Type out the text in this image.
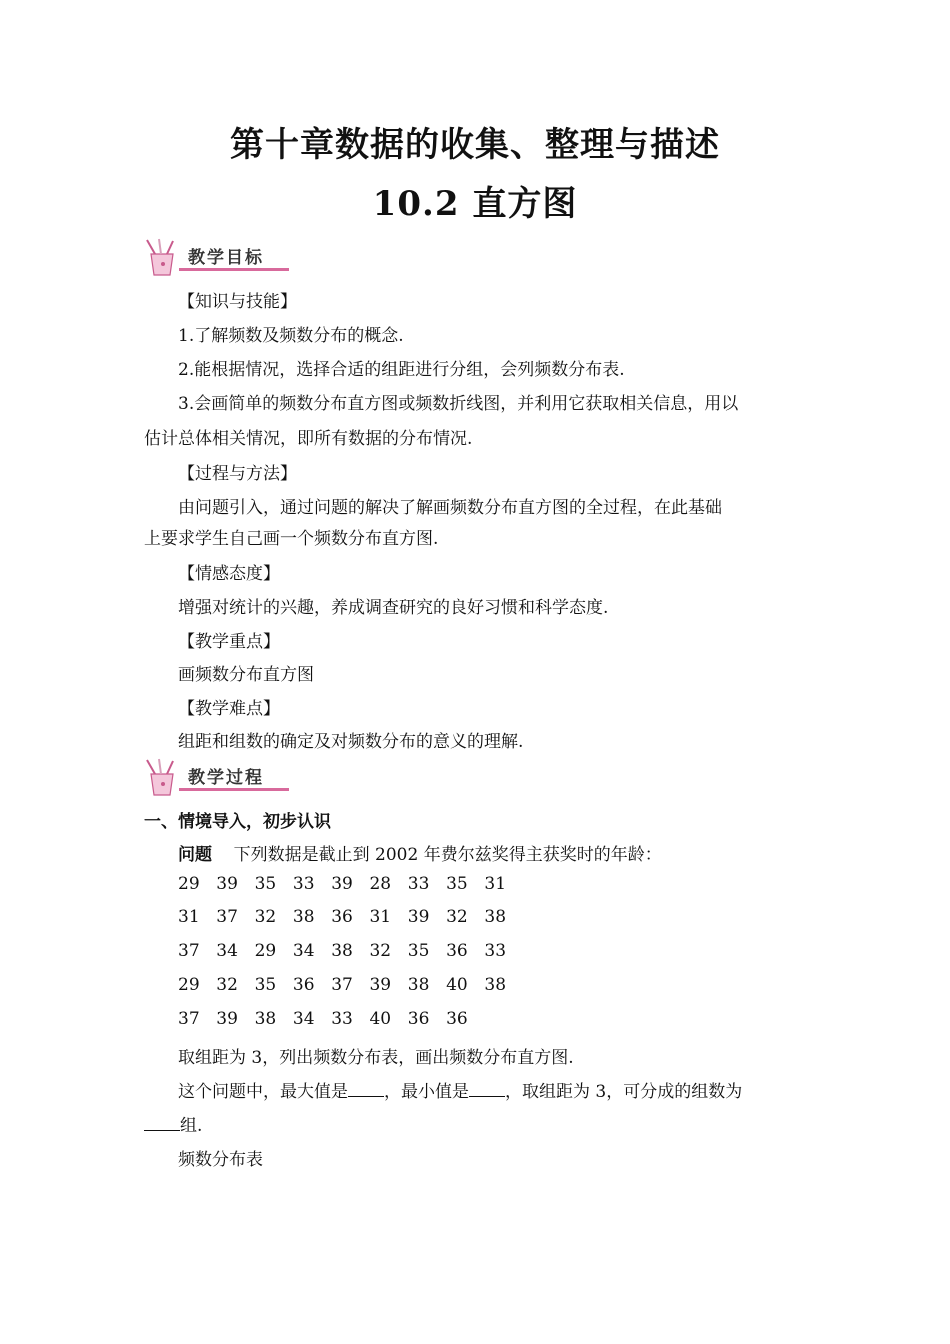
第十章数据的收集、整理与描述
10.2 直方图
教学目标
【知识与技能】
1.了解频数及频数分布的概念.
2.能根据情况，选择合适的组距进行分组，会列频数分布表.
3.会画简单的频数分布直方图或频数折线图，并利用它获取相关信息，用以
估计总体相关情况，即所有数据的分布情况.
【过程与方法】
由问题引入，通过问题的解决了解画频数分布直方图的全过程，在此基础
上要求学生自己画一个频数分布直方图.
【情感态度】
增强对统计的兴趣，养成调查研究的良好习惯和科学态度.
【教学重点】
画频数分布直方图
【教学难点】
组距和组数的确定及对频数分布的意义的理解.
教学过程
一、情境导入，初步认识
问题 下列数据是截止到 2002 年费尔兹奖得主获奖时的年龄：
29 39 35 33 39 28 33 35 31
31 37 32 38 36 31 39 32 38
37 34 29 34 38 32 35 36 33
29 32 35 36 37 39 38 40 38
37 39 38 34 33 40 36 36
取组距为 3，列出频数分布表，画出频数分布直方图.
这个问题中，最大值是 ，最小值是 ，取组距为 3，可分成的组数为
组.
频数分布表
